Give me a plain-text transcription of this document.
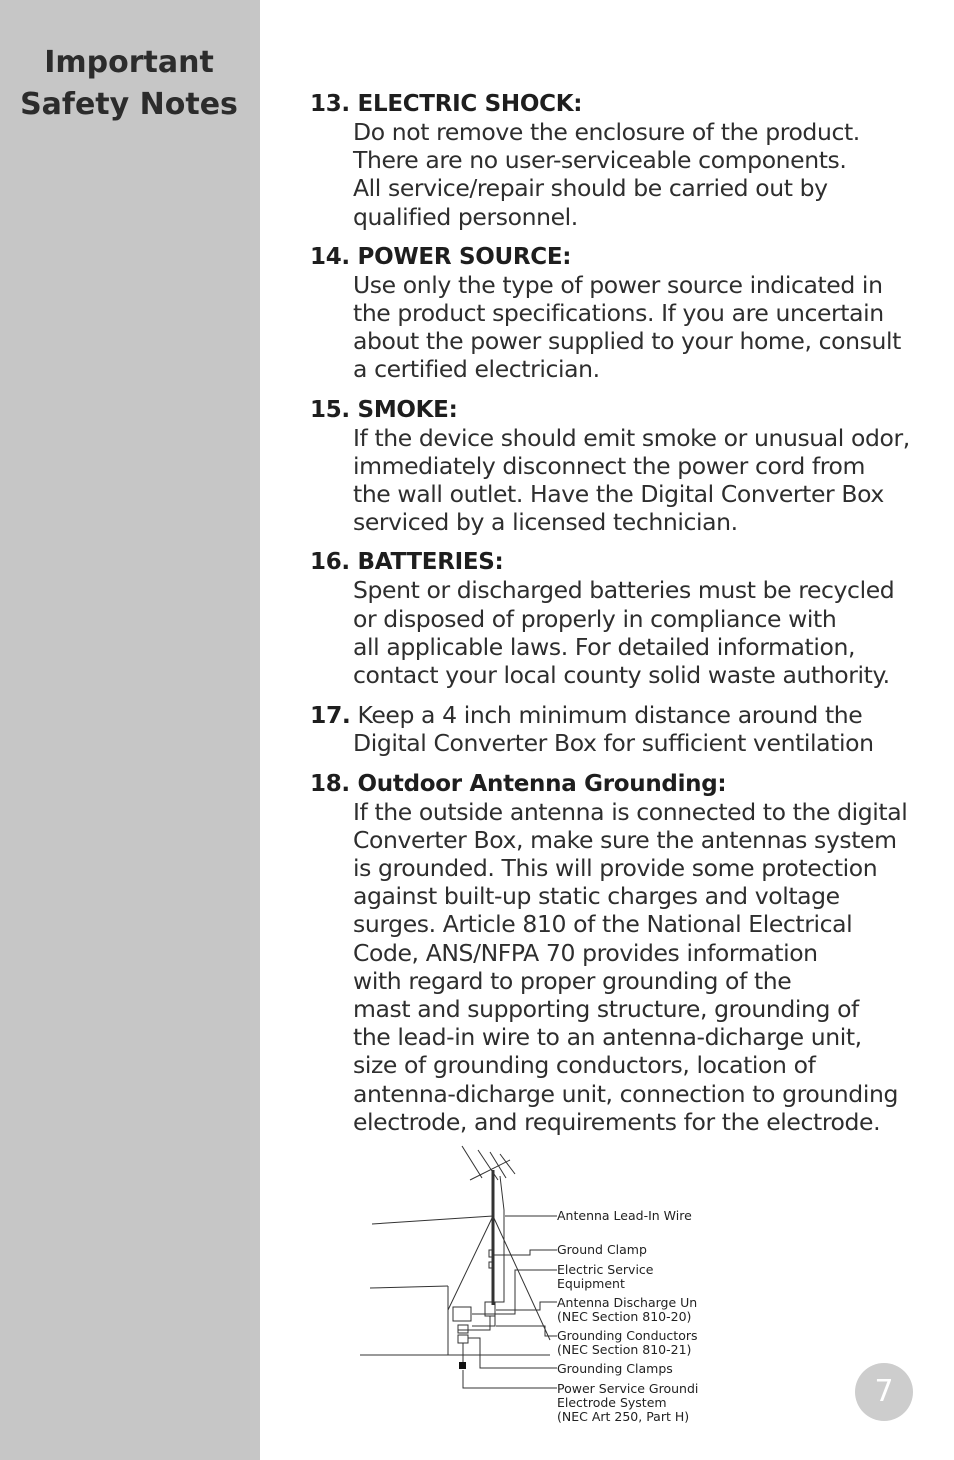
Important
Safety Notes	13. ELECTRIC SHOCK:
Do not remove the enclosure of the product.
There are no user-serviceable components.
All service/repair should be carried out by
qualified personnel.
14. POWER SOURCE:
Use only the type of power source indicated in
the product specifications. If you are uncertain
about the power supplied to your home, consult
a certified electrician.
15. SMOKE:
If the device should emit smoke or unusual odor,
immediately disconnect the power cord from
the wall outlet. Have the Digital Converter Box
serviced by a licensed technician.
16. BATTERIES:
Spent or discharged batteries must be recycled
or disposed of properly in compliance with
all applicable laws. For detailed information,
contact your local county solid waste authority.
17. Keep a 4 inch minimum distance around the
Digital Converter Box for sufficient ventilation
18. Outdoor Antenna Grounding:
If the outside antenna is connected to the digital
Converter Box, make sure the antennas system
is grounded. This will provide some protection
against built-up static charges and voltage
surges. Article 810 of the National Electrical
Code, ANS/NFPA 70 provides information
with regard to proper grounding of the
mast and supporting structure, grounding of
the lead-in wire to an antenna-dicharge unit,
size of grounding conductors, location of
antenna-dicharge unit, connection to grounding
electrode, and requirements for the electrode.
Antenna Lead-In Wire
Ground Clamp
Electric Service
Equipment
Antenna Discharge Un
(NEC Section 810-20)
Grounding Conductors
(NEC Section 810-21)
Grounding Clamps
Power Service Groundi
Electrode System
(NEC Art 250, Part H)
7
